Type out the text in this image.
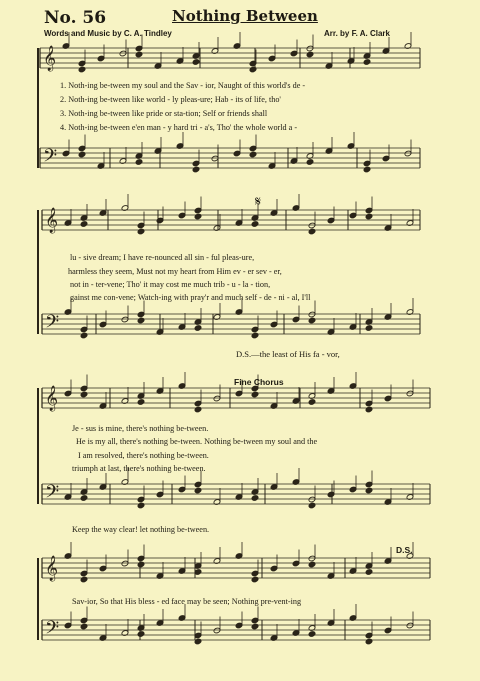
No. 56	Nothing Between
Words and Music by C. A. Tindley	Arr. by F. A. Clark
𝄞
𝄢
𝄞
𝄢
𝄞
𝄢
𝄞
𝄢
1. Noth-ing be-tween my soul and the Sav - ior, Naught of this world's de -
2. Noth-ing be-tween like world - ly pleas-ure; Hab - its of life, tho'
3. Noth-ing be-tween like pride or sta-tion; Self or friends shall
4. Noth-ing be-tween e'en man - y hard tri - a's, Tho' the whole world a -
𝄋
lu - sive dream; I have re-nounced all sin - ful pleas-ure,
harmless they seem, Must not my heart from Him ev - er sev - er,
not in - ter-vene; Tho' it may cost me much trib - u - la - tion,
gainst me con-vene; Watch-ing with pray'r and much self - de - ni - al, I'll
D.S.—the least of His fa - vor,
Fine Chorus
Je - sus is mine, there's nothing be-tween.
He is my all, there's nothing be-tween. Nothing be-tween my soul and the
I am resolved, there's nothing be-tween.
triumph at last, there's nothing be-tween.
Keep the way clear! let nothing be-tween.
D.S.
Sav-ior, So that His bless - ed face may be seen; Nothing pre-vent-ing
